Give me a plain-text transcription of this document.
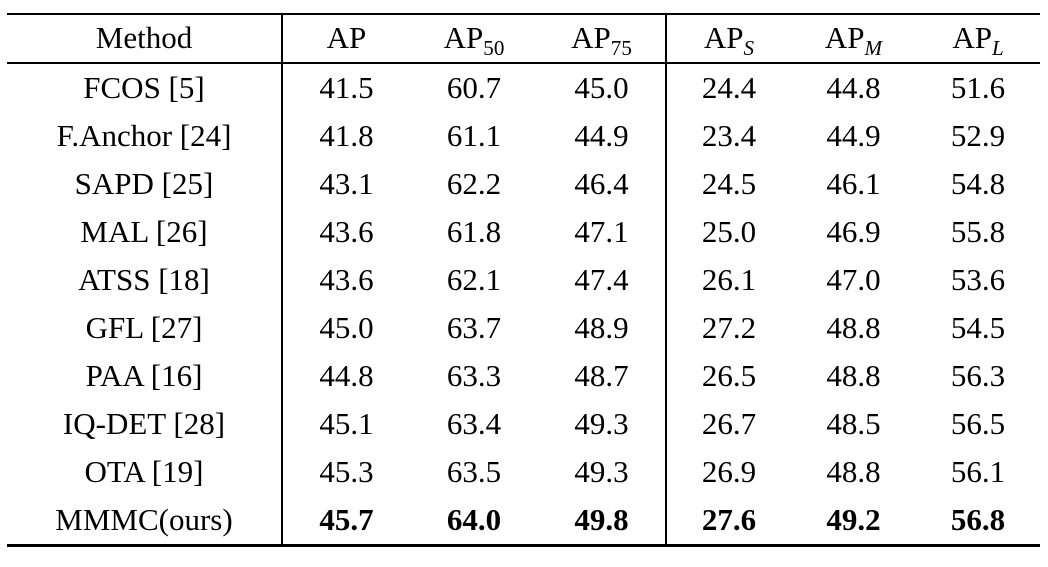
Method	AP	$AP_{50}$	$AP_{75}$	$AP_S$	$AP_M$	$AP_L$
FCOS [5]	41.5	60.7	45.0	24.4	44.8	51.6
F.Anchor [24]	41.8	61.1	44.9	23.4	44.9	52.9
SAPD [25]	43.1	62.2	46.4	24.5	46.1	54.8
MAL [26]	43.6	61.8	47.1	25.0	46.9	55.8
ATSS [18]	43.6	62.1	47.4	26.1	47.0	53.6
GFL [27]	45.0	63.7	48.9	27.2	48.8	54.5
PAA [16]	44.8	63.3	48.7	26.5	48.8	56.3
IQ-DET [28]	45.1	63.4	49.3	26.7	48.5	56.5
OTA [19]	45.3	63.5	49.3	26.9	48.8	56.1
MMMC(ours)	45.7	64.0	49.8	27.6	49.2	56.8
